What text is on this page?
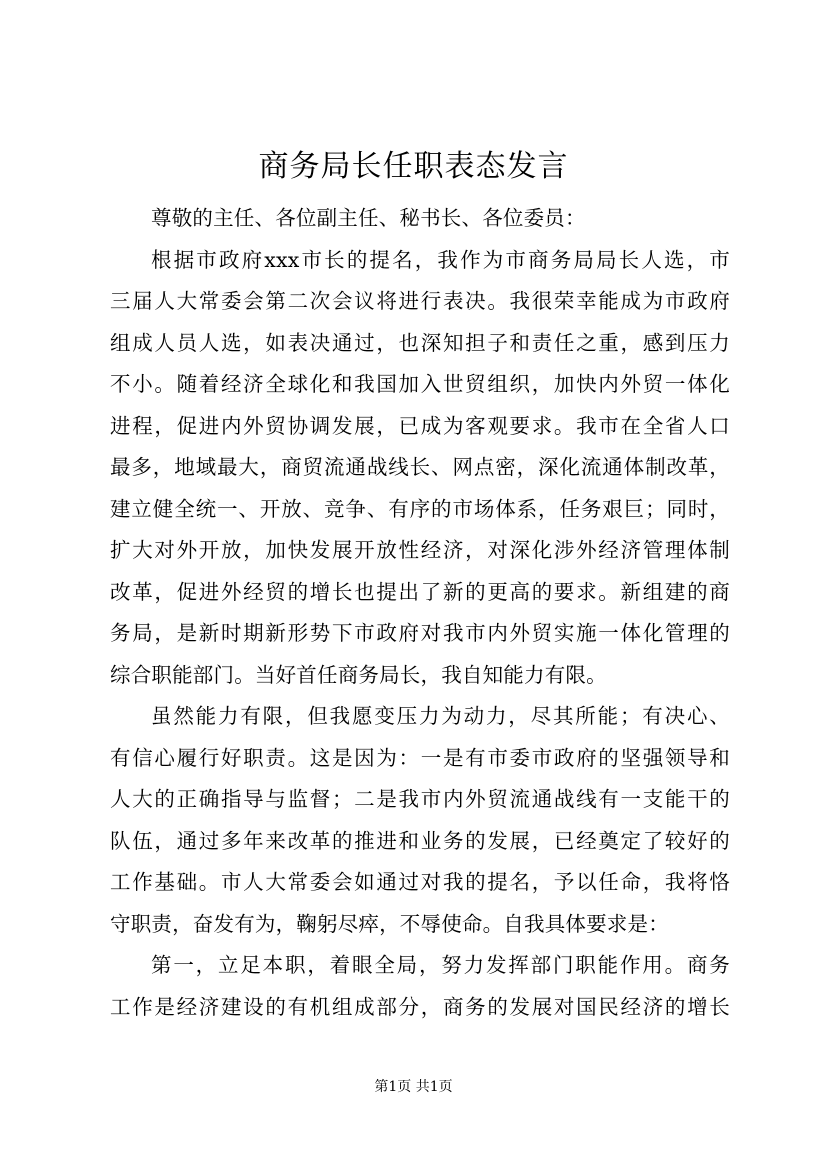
商务局长任职表态发言
尊敬的主任、各位副主任、秘书长、各位委员：
根据市政府xxx市长的提名，我作为市商务局局长人选，市
三届人大常委会第二次会议将进行表决。我很荣幸能成为市政府
组成人员人选，如表决通过，也深知担子和责任之重，感到压力
不小。随着经济全球化和我国加入世贸组织，加快内外贸一体化
进程，促进内外贸协调发展，已成为客观要求。我市在全省人口
最多，地域最大，商贸流通战线长、网点密，深化流通体制改革，
建立健全统一、开放、竞争、有序的市场体系，任务艰巨；同时，
扩大对外开放，加快发展开放性经济，对深化涉外经济管理体制
改革，促进外经贸的增长也提出了新的更高的要求。新组建的商
务局，是新时期新形势下市政府对我市内外贸实施一体化管理的
综合职能部门。当好首任商务局长，我自知能力有限。
虽然能力有限，但我愿变压力为动力，尽其所能；有决心、
有信心履行好职责。这是因为：一是有市委市政府的坚强领导和
人大的正确指导与监督；二是我市内外贸流通战线有一支能干的
队伍，通过多年来改革的推进和业务的发展，已经奠定了较好的
工作基础。市人大常委会如通过对我的提名，予以任命，我将恪
守职责，奋发有为，鞠躬尽瘁，不辱使命。自我具体要求是：
第一，立足本职，着眼全局，努力发挥部门职能作用。商务
工作是经济建设的有机组成部分，商务的发展对国民经济的增长
第1页 共1页
